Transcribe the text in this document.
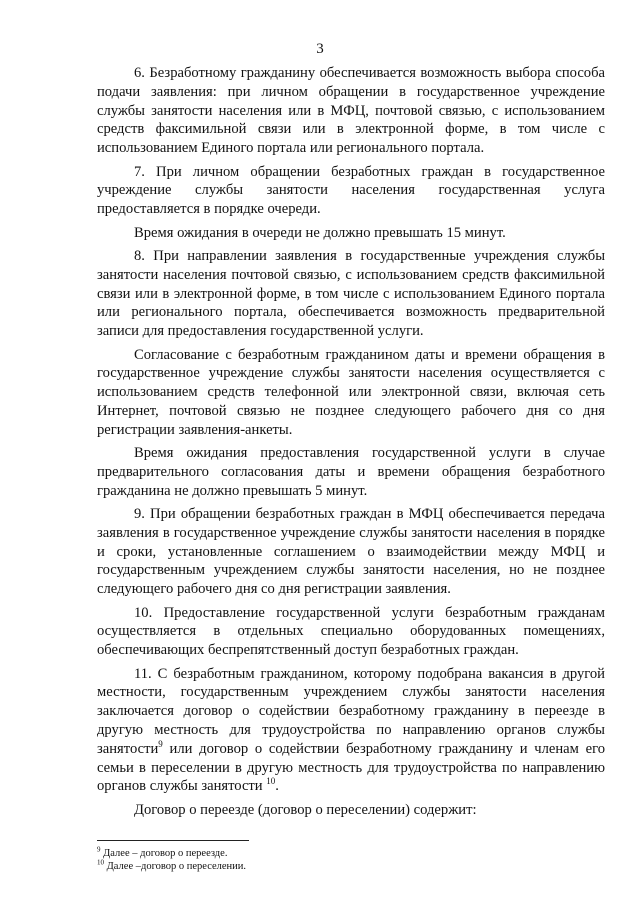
3

6. Безработному гражданину обеспечивается возможность выбора способа подачи заявления: при личном обращении в государственное учреждение службы занятости населения или в МФЦ, почтовой связью, с использованием средств факсимильной связи или в электронной форме, в том числе с использованием Единого портала или регионального портала.

7. При личном обращении безработных граждан в государственное учреждение службы занятости населения государственная услуга предоставляется в порядке очереди.

Время ожидания в очереди не должно превышать 15 минут.

8. При направлении заявления в государственные учреждения службы занятости населения почтовой связью, с использованием средств факсимильной связи или в электронной форме, в том числе с использованием Единого портала или регионального портала, обеспечивается возможность предварительной записи для предоставления государственной услуги.

Согласование с безработным гражданином даты и времени обращения в государственное учреждение службы занятости населения осуществляется с использованием средств телефонной или электронной связи, включая сеть Интернет, почтовой связью не позднее следующего рабочего дня со дня регистрации заявления-анкеты.

Время ожидания предоставления государственной услуги в случае предварительного согласования даты и времени обращения безработного гражданина не должно превышать 5 минут.

9. При обращении безработных граждан в МФЦ обеспечивается передача заявления в государственное учреждение службы занятости населения в порядке и сроки, установленные соглашением о взаимодействии между МФЦ и государственным учреждением службы занятости населения, но не позднее следующего рабочего дня со дня регистрации заявления.

10. Предоставление государственной услуги безработным гражданам осуществляется в отдельных специально оборудованных помещениях, обеспечивающих беспрепятственный доступ безработных граждан.

11. С безработным гражданином, которому подобрана вакансия в другой местности, государственным учреждением службы занятости населения заключается договор о содействии безработному гражданину в переезде в другую местность для трудоустройства по направлению органов службы занятости$^9$ или договор о содействии безработному гражданину и членам его семьи в переселении в другую местность для трудоустройства по направлению органов службы занятости $^{10}$.

Договор о переезде (договор о переселении) содержит:

$^9$ Далее – договор о переезде.
$^{10}$ Далее –договор о переселении.
